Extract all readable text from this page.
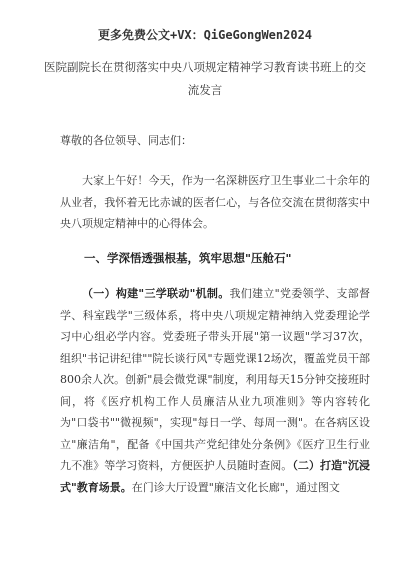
更多免费公文+VX：QiGeGongWen2024
医院副院长在贯彻落实中央八项规定精神学习教育读书班上的交流发言
尊敬的各位领导、同志们：
大家上午好！今天，作为一名深耕医疗卫生事业二十余年的从业者，我怀着无比赤诚的医者仁心，与各位交流在贯彻落实中央八项规定精神中的心得体会。
一、学深悟透强根基，筑牢思想"压舱石"
（一）构建"三学联动"机制。我们建立"党委领学、支部督学、科室践学"三级体系，将中央八项规定精神纳入党委理论学习中心组必学内容。党委班子带头开展"第一议题"学习37次，组织"书记讲纪律""院长谈行风"专题党课12场次，覆盖党员干部800余人次。创新"晨会微党课"制度，利用每天15分钟交接班时间，将《医疗机构工作人员廉洁从业九项准则》等内容转化为"口袋书""微视频"，实现"每日一学、每周一测"。在各病区设立"廉洁角"，配备《中国共产党纪律处分条例》《医疗卫生行业九不准》等学习资料，方便医护人员随时查阅。（二）打造"沉浸式"教育场景。在门诊大厅设置"廉洁文化长廊"，通过图文
